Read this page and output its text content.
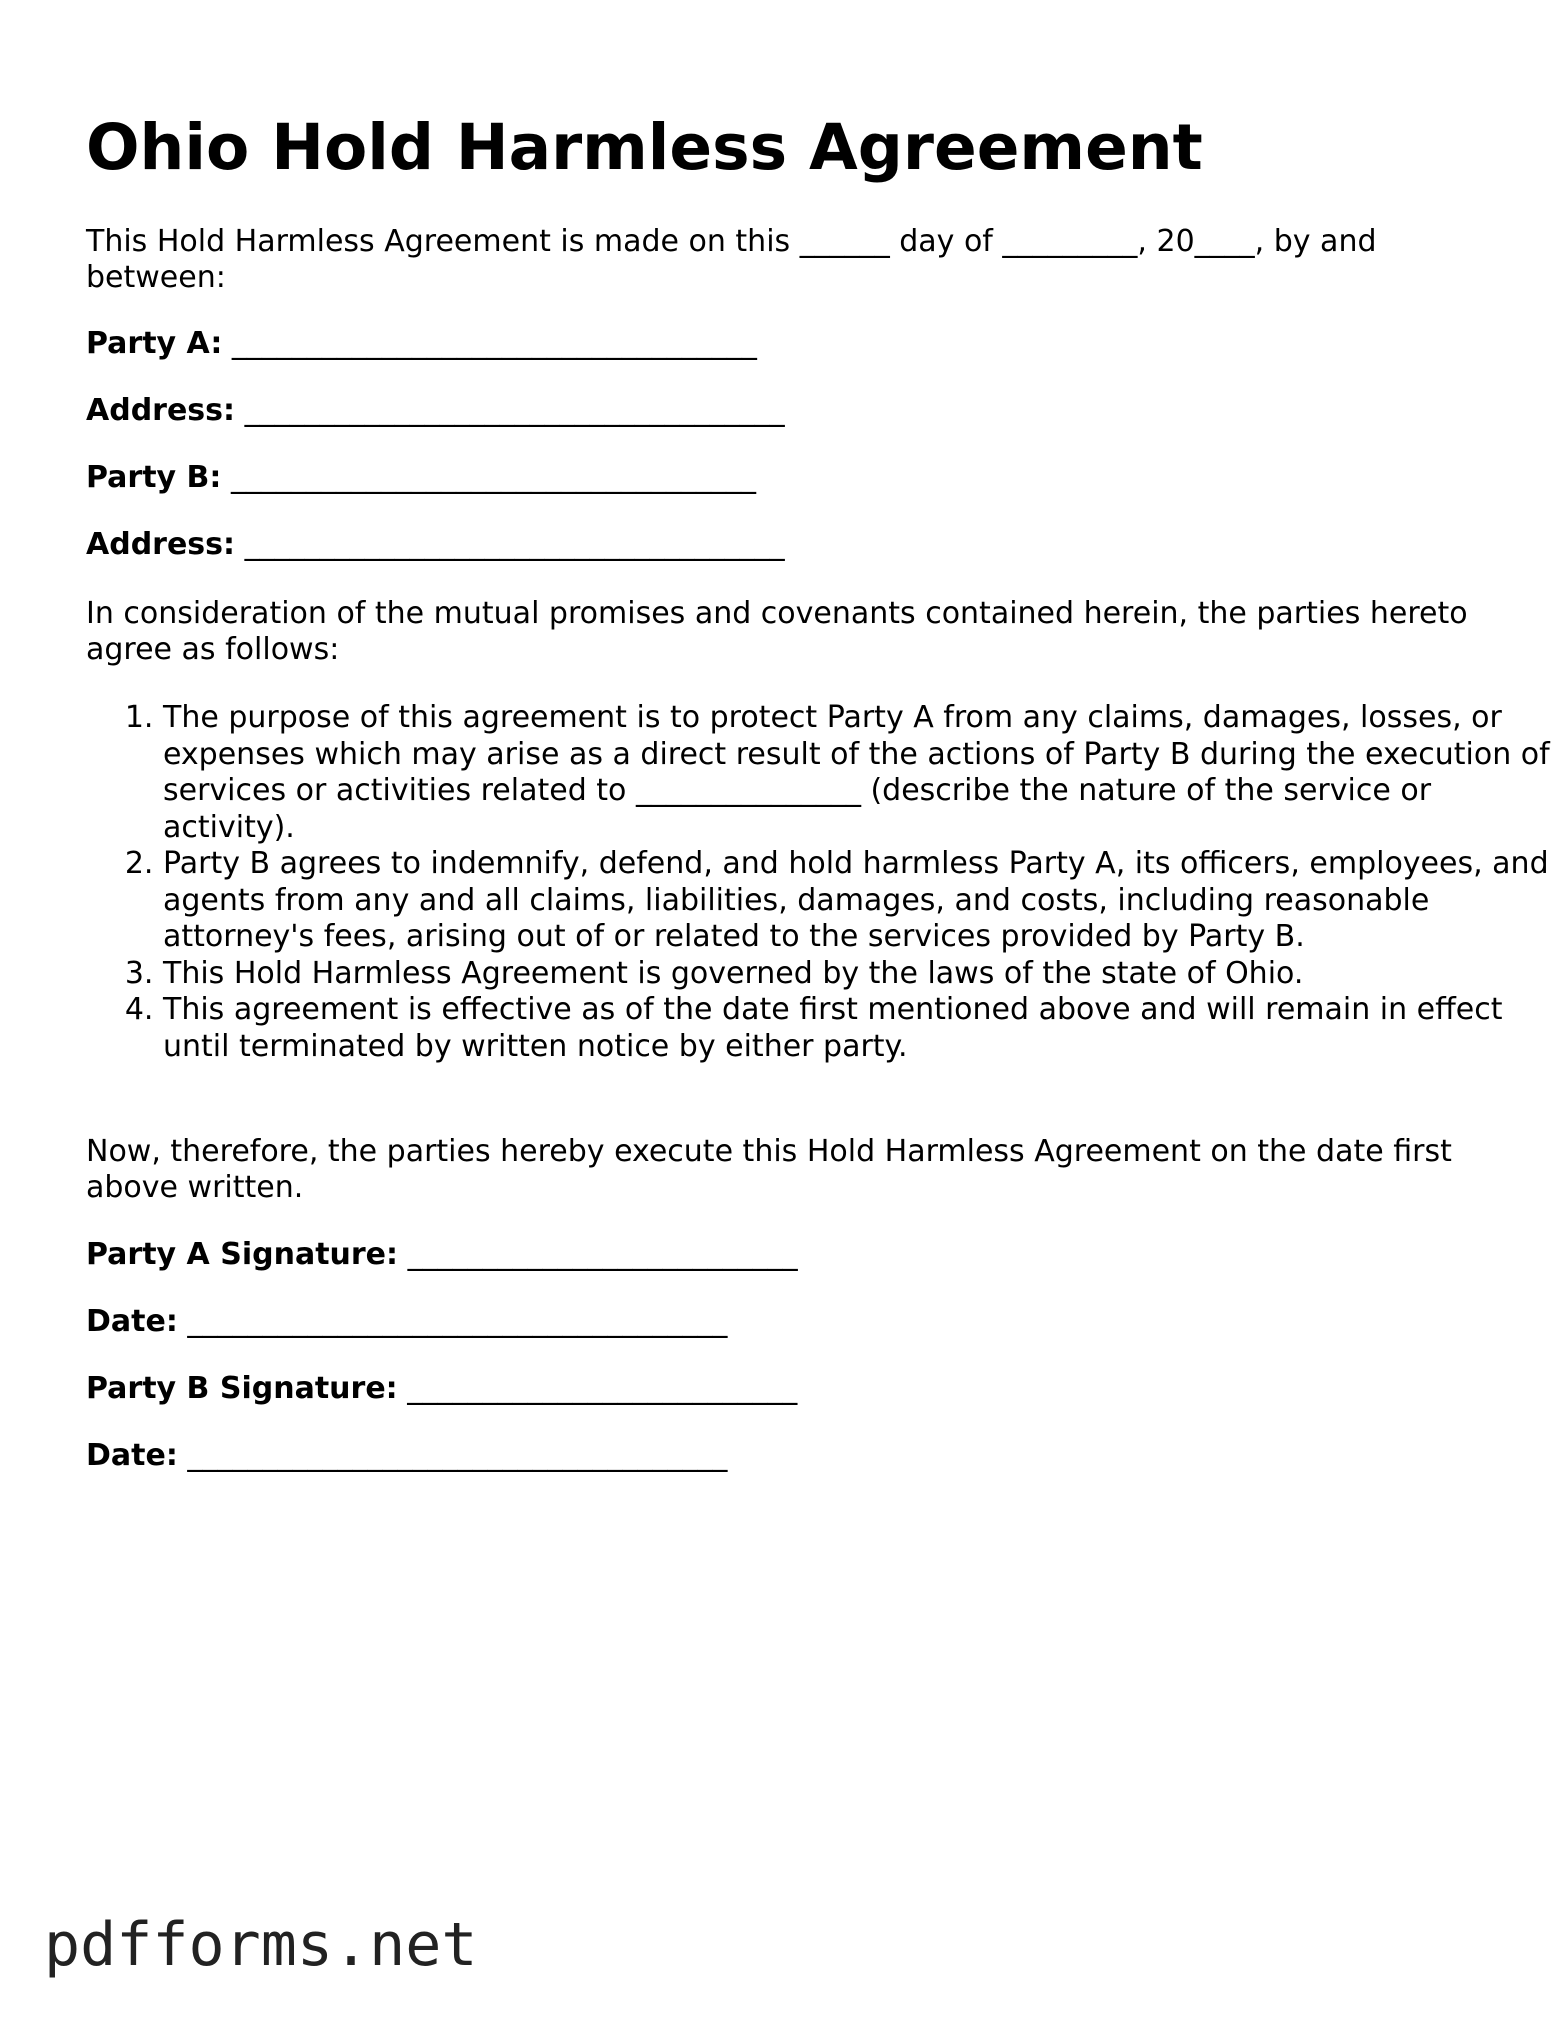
Ohio Hold Harmless Agreement

This Hold Harmless Agreement is made on this ______ day of _________, 20____, by and between:

Party A: ___________________________________

Address: ____________________________________

Party B: ___________________________________

Address: ____________________________________

In consideration of the mutual promises and covenants contained herein, the parties hereto agree as follows:

1. The purpose of this agreement is to protect Party A from any claims, damages, losses, or expenses which may arise as a direct result of the actions of Party B during the execution of services or activities related to _______________ (describe the nature of the service or activity).
2. Party B agrees to indemnify, defend, and hold harmless Party A, its officers, employees, and agents from any and all claims, liabilities, damages, and costs, including reasonable attorney's fees, arising out of or related to the services provided by Party B.
3. This Hold Harmless Agreement is governed by the laws of the state of Ohio.
4. This agreement is effective as of the date first mentioned above and will remain in effect until terminated by written notice by either party.

Now, therefore, the parties hereby execute this Hold Harmless Agreement on the date first above written.

Party A Signature: __________________________

Date: ____________________________________

Party B Signature: __________________________

Date: ____________________________________

pdfforms.net
